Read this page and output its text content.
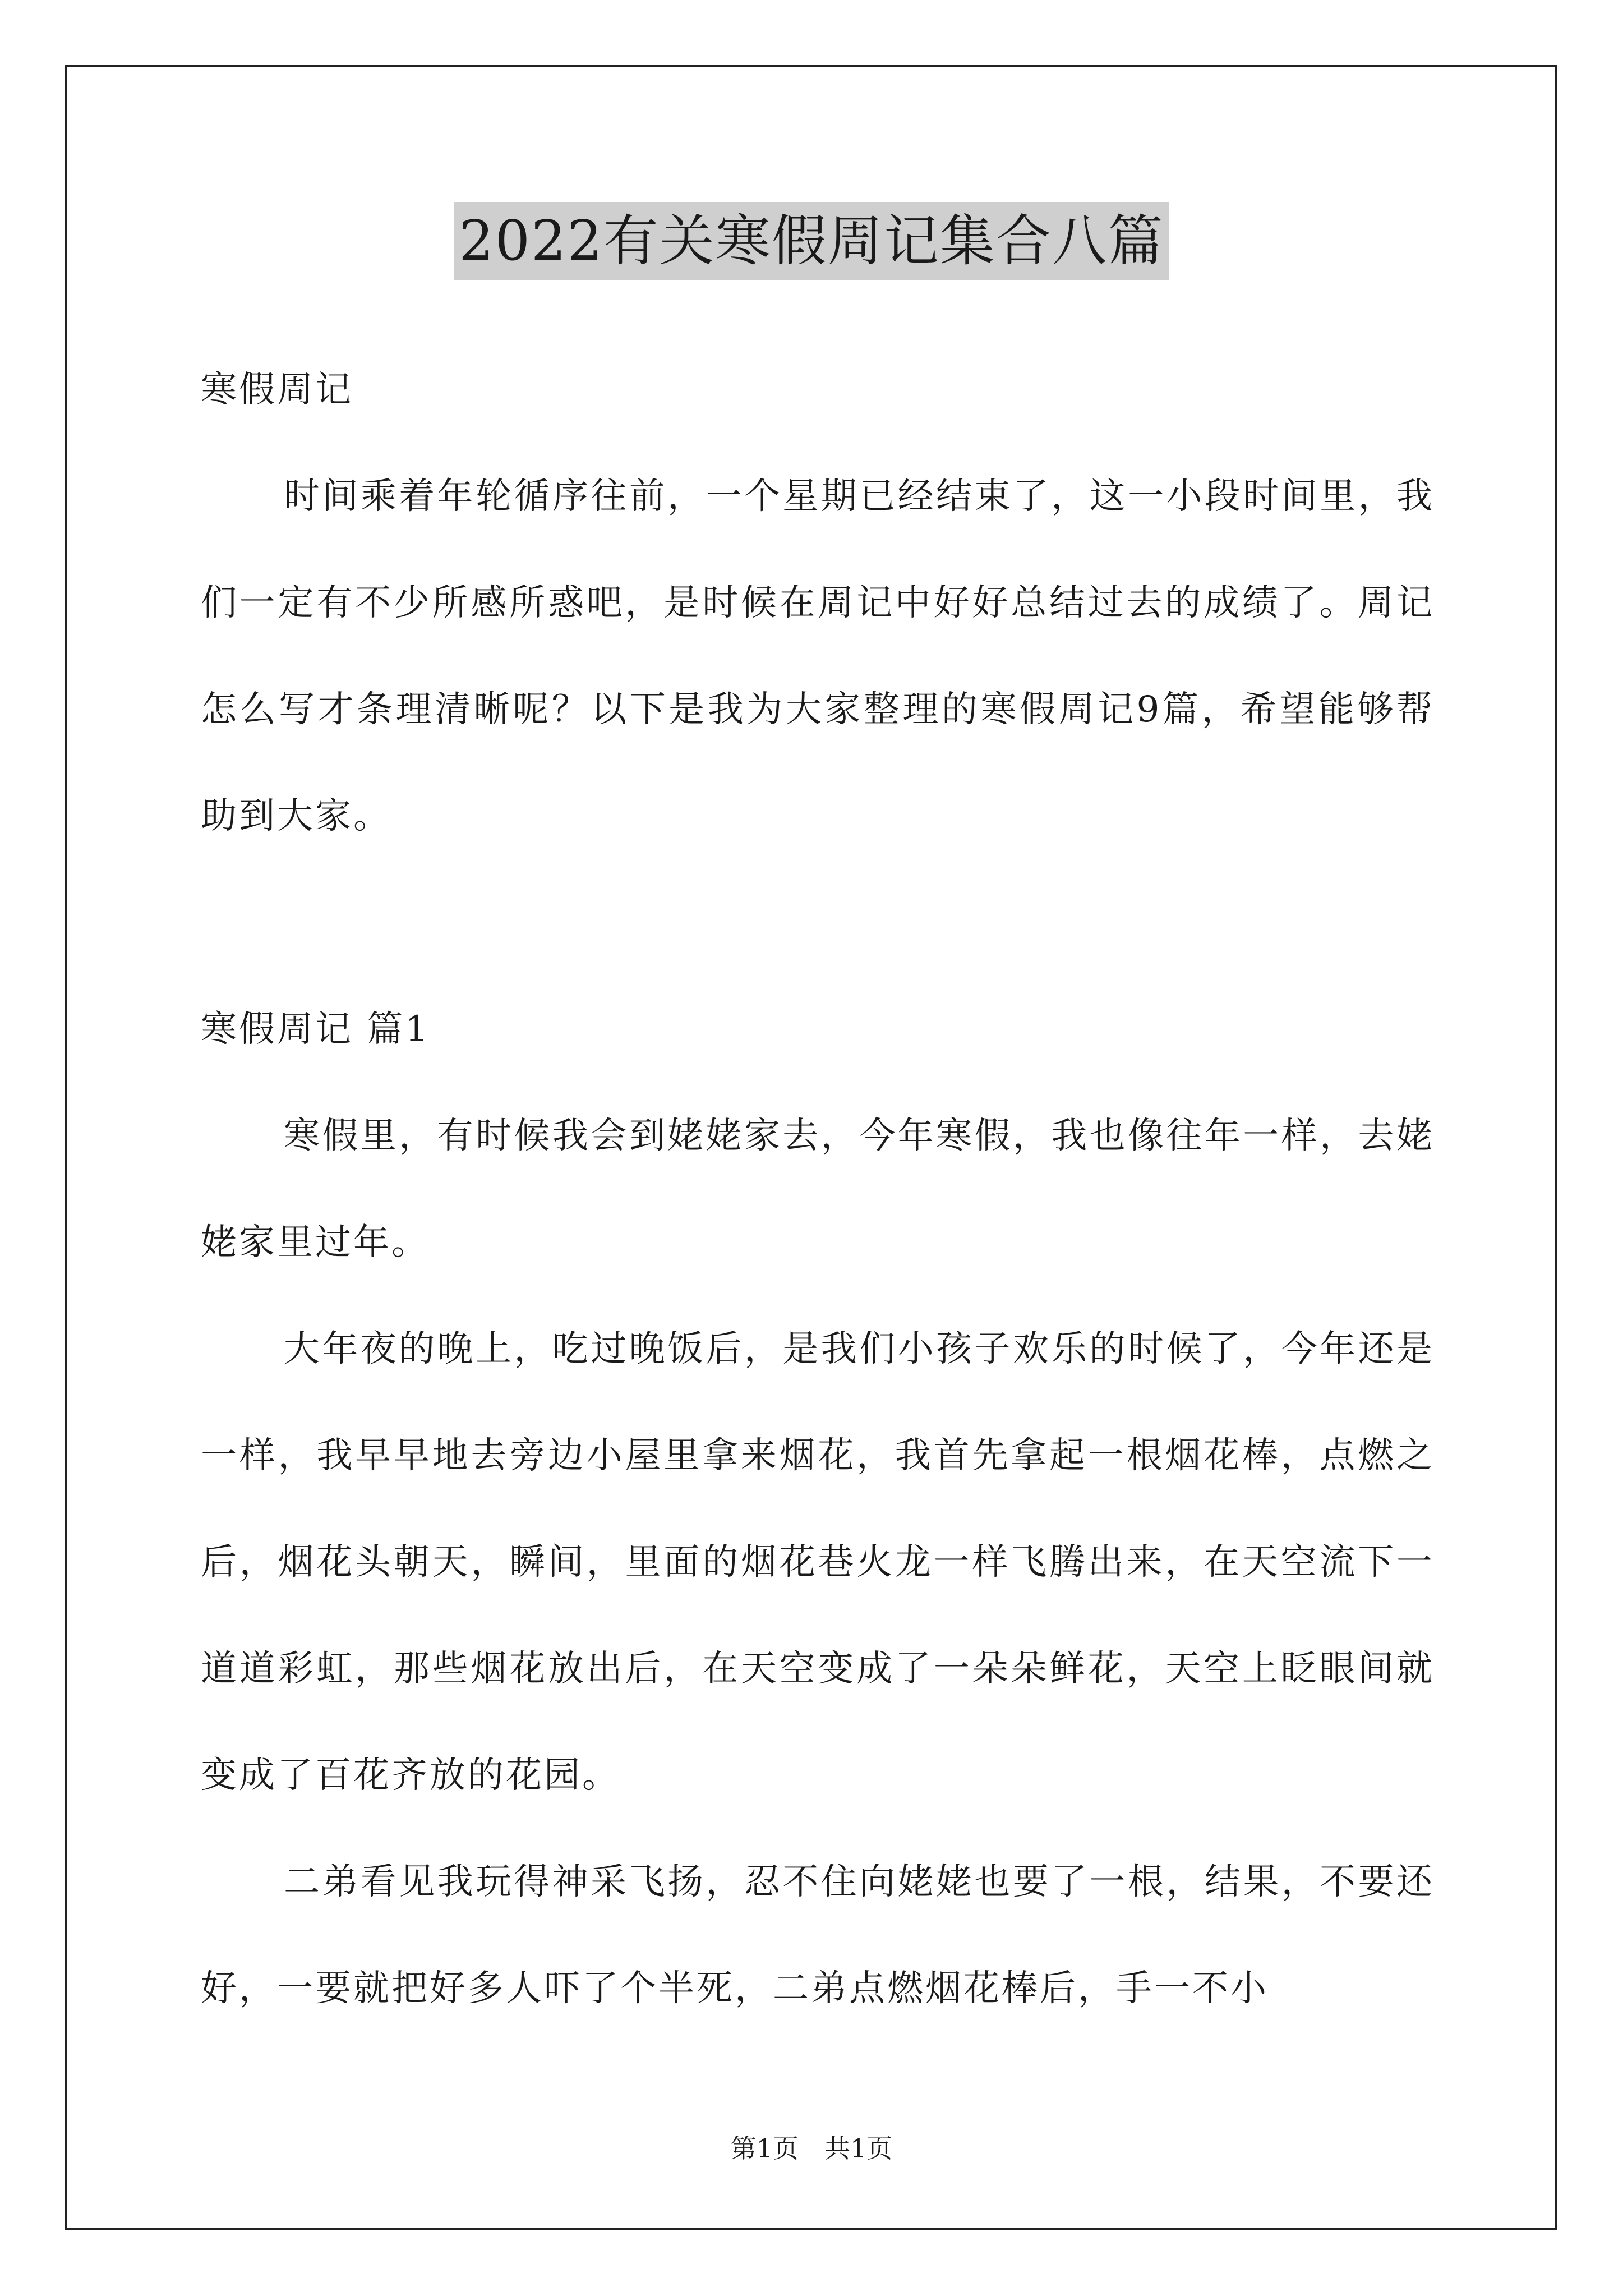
2022有关寒假周记集合八篇

寒假周记

时间乘着年轮循序往前，一个星期已经结束了，这一小段时间里，我们一定有不少所感所惑吧，是时候在周记中好好总结过去的成绩了。周记怎么写才条理清晰呢？以下是我为大家整理的寒假周记9篇，希望能够帮助到大家。

寒假周记 篇1

寒假里，有时候我会到姥姥家去，今年寒假，我也像往年一样，去姥姥家里过年。

大年夜的晚上，吃过晚饭后，是我们小孩子欢乐的时候了，今年还是一样，我早早地去旁边小屋里拿来烟花，我首先拿起一根烟花棒，点燃之后，烟花头朝天，瞬间，里面的烟花巷火龙一样飞腾出来，在天空流下一道道彩虹，那些烟花放出后，在天空变成了一朵朵鲜花，天空上眨眼间就变成了百花齐放的花园。

二弟看见我玩得神采飞扬，忍不住向姥姥也要了一根，结果，不要还好，一要就把好多人吓了个半死，二弟点燃烟花棒后，手一不小

第1页　共1页
